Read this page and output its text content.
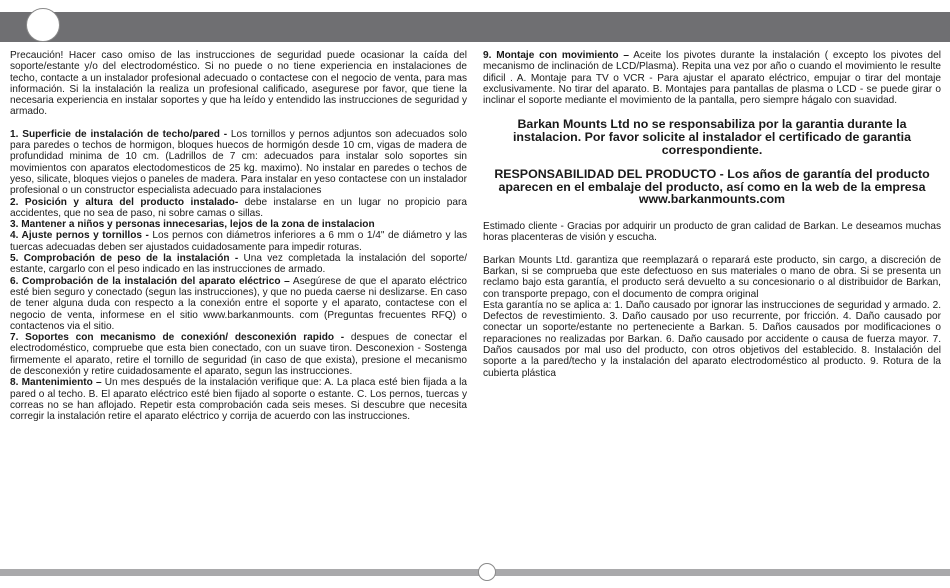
Precaución! Hacer caso omiso de las instrucciones de seguridad puede ocasionar la caída del soporte/estante y/o del electrodoméstico. Si no puede o no tiene experiencia en instalaciones de techo, contacte a un instalador profesional adecuado o contactese con el negocio de venta, para mas información. Si la instalación la realiza un profesional calificado, asegurese por favor, que tiene la necesaria experiencia en instalar soportes y que ha leído y entendido las instrucciones de seguridad y armado.

1. Superficie de instalación de techo/pared - Los tornillos y pernos adjuntos son adecuados solo para paredes o techos de hormigon, bloques huecos de hormigón desde 10 cm, vigas de madera de profundidad minima de 10 cm. (Ladrillos de 7 cm: adecuados para instalar solo soportes sin movimientos con aparatos electodomesticos de 25 kg. maximo). No instalar en paredes o techos de yeso, silicate, bloques viejos o paneles de madera. Para instalar en yeso contactese con un instalador profesional o un constructor especialista adecuado para instalaciones

2. Posición y altura del producto instalado- debe instalarse en un lugar no propicio para accidentes, que no sea de paso, ni sobre camas o sillas.

3. Mantener a niños y personas innecesarias, lejos de la zona de instalacion

4. Ajuste pernos y tornillos - Los pernos con diámetros inferiores a 6 mm o 1/4" de diámetro y las tuercas adecuadas deben ser ajustados cuidadosamente para impedir roturas.

5. Comprobación de peso de la instalación - Una vez completada la instalación del soporte/ estante, cargarlo con el peso indicado en las instrucciones de armado.

6. Comprobación de la instalación del aparato eléctrico – Asegúrese de que el aparato eléctrico esté bien seguro y conectado (segun las instrucciones), y que no pueda caerse ni deslizarse. En caso de tener alguna duda con respecto a la conexión entre el soporte y el aparato, contactese con el negocio de venta, informese en el sitio www.barkanmounts. com (Preguntas frecuentes RFQ) o contactenos via el sitio.

7. Soportes con mecanismo de conexión/ desconexión rapido - despues de conectar el electrodoméstico, compruebe que esta bien conectado, con un suave tiron. Desconexion - Sostenga firmemente el aparato, retire el tornillo de seguridad (in caso de que exista), presione el mecanismo de desconexión y retire cuidadosamente el aparato, segun las instrucciones.

8. Mantenimiento – Un mes después de la instalación verifique que: A. La placa esté bien fijada a la pared o al techo. B. El aparato eléctrico esté bien fijado al soporte o estante. C. Los pernos, tuercas y correas no se han aflojado. Repetir esta comprobación cada seis meses. Si descubre que necesita corregir la instalación retire el aparato eléctrico y corrija de acuerdo con las instrucciones.

9. Montaje con movimiento – Aceite los pivotes durante la instalación ( excepto los pivotes del mecanismo de inclinación de LCD/Plasma). Repita una vez por año o cuando el movimiento le resulte dificil . A. Montaje para TV o VCR - Para ajustar el aparato eléctrico, empujar o tirar del montaje exclusivamente. No tirar del aparato. B. Montajes para pantallas de plasma o LCD - se puede girar o inclinar el soporte mediante el movimiento de la pantalla, pero siempre hágalo con suavidad.

Barkan Mounts Ltd no se responsabiliza por la garantia durante la instalacion. Por favor solicite al instalador el certificado de garantia correspondiente.

RESPONSABILIDAD DEL PRODUCTO - Los años de garantía del producto aparecen en el embalaje del producto, así como en la web de la empresa www.barkanmounts.com

Estimado cliente - Gracias por adquirir un producto de gran calidad de Barkan. Le deseamos muchas horas placenteras de visión y escucha.

Barkan Mounts Ltd. garantiza que reemplazará o reparará este producto, sin cargo, a discreción de Barkan, si se comprueba que este defectuoso en sus materiales o mano de obra. Si se presenta un reclamo bajo esta garantía, el producto será devuelto a su concesionario o al distribuidor de Barkan, con transporte prepago, con el documento de compra original

Esta garantía no se aplica a: 1. Daño causado por ignorar las instrucciones de seguridad y armado. 2. Defectos de revestimiento. 3. Daño causado por uso recurrente, por fricción. 4. Daño causado por conectar un soporte/estante no perteneciente a Barkan. 5. Daños causados por modificaciones o reparaciones no realizadas por Barkan. 6. Daño causado por accidente o causa de fuerza mayor. 7. Daños causados por mal uso del producto, con otros objetivos del establecido. 8. Instalación del soporte a la pared/techo y la instalación del aparato electrodoméstico al producto. 9. Rotura de la cubierta plástica
